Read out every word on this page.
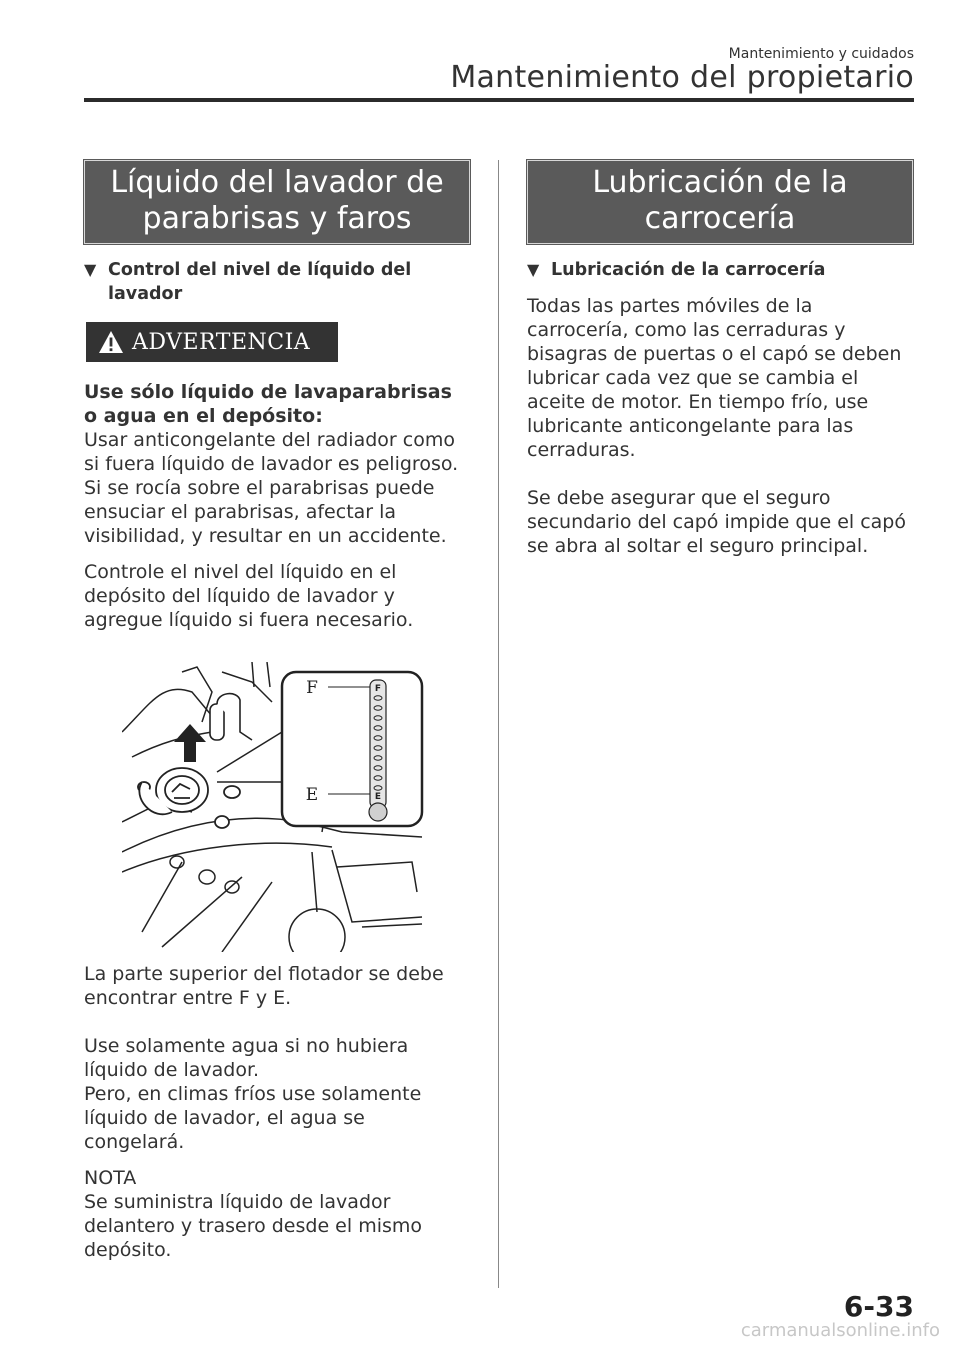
Mantenimiento y cuidados
Mantenimiento del propietario
Líquido del lavador de
parabrisas y faros
▼ Control del nivel de líquido del lavador
ADVERTENCIA

Use sólo líquido de lavaparabrisas o agua en el depósito:

Usar anticongelante del radiador como si fuera líquido de lavador es peligroso. Si se rocía sobre el parabrisas puede ensuciar el parabrisas, afectar la visibilidad, y resultar en un accidente.

Controle el nivel del líquido en el depósito del líquido de lavador y agregue líquido si fuera necesario.

F
E
F
E

La parte superior del flotador se debe encontrar entre F y E.

Use solamente agua si no hubiera líquido de lavador.

Pero, en climas fríos use solamente líquido de lavador, el agua se congelará.

NOTA

Se suministra líquido de lavador delantero y trasero desde el mismo depósito.

Lubricación de la
carrocería
▼ Lubricación de la carrocería

Todas las partes móviles de la carrocería, como las cerraduras y bisagras de puertas o el capó se deben lubricar cada vez que se cambia el aceite de motor. En tiempo frío, use lubricante anticongelante para las cerraduras.

Se debe asegurar que el seguro secundario del capó impide que el capó se abra al soltar el seguro principal.

6-33
carmanualsonline.info
